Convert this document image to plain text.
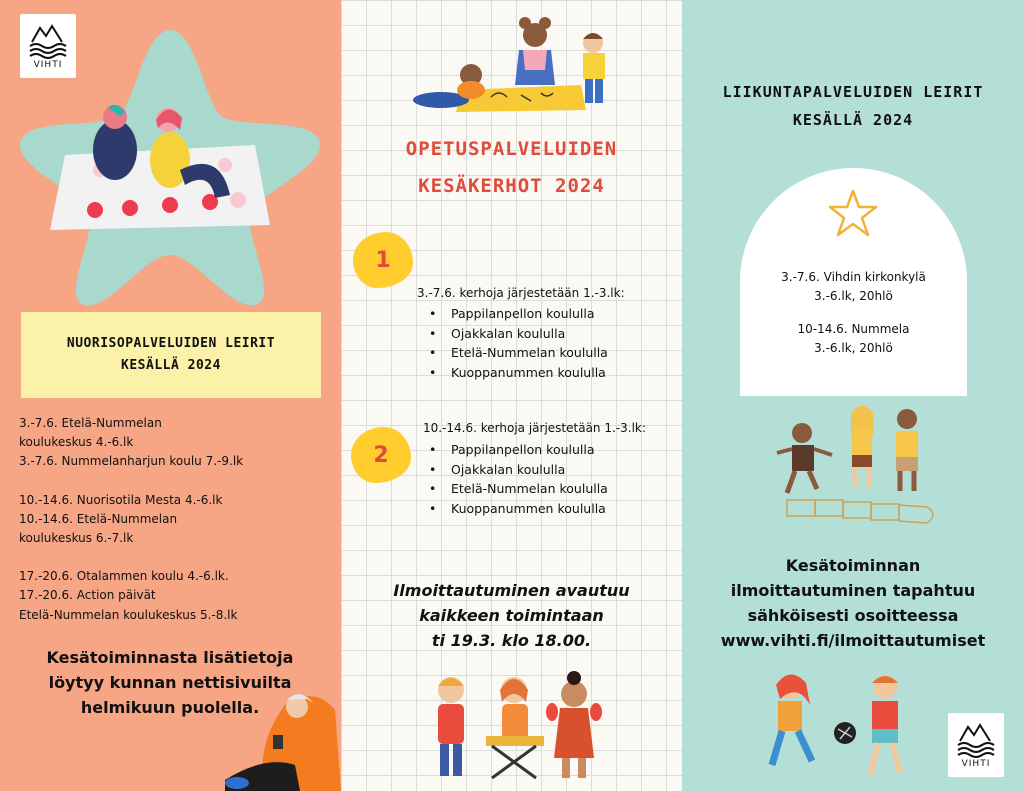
VIHTI
NUORISOPALVELUIDEN LEIRIT
KESÄLLÄ 2024
3.-7.6. Etelä-Nummelan
koulukeskus 4.-6.lk
3.-7.6. Nummelanharjun koulu 7.-9.lk
10.-14.6. Nuorisotila Mesta 4.-6.lk
10.-14.6. Etelä-Nummelan
koulukeskus 6.-7.lk
17.-20.6. Otalammen koulu 4.-6.lk.
17.-20.6. Action päivät
Etelä-Nummelan koulukeskus 5.-8.lk
Kesätoiminnasta lisätietoja
löytyy kunnan nettisivuilta
helmikuun puolella.
OPETUSPALVELUIDEN
KESÄKERHOT 2024
1
3.-7.6. kerhoja järjestetään 1.-3.lk:
• Pappilanpellon koululla
• Ojakkalan koululla
• Etelä-Nummelan koululla
• Kuoppanummen koululla
2
10.-14.6. kerhoja järjestetään 1.-3.lk:
• Pappilanpellon koululla
• Ojakkalan koululla
• Etelä-Nummelan koululla
• Kuoppanummen koululla
Ilmoittautuminen avautuu
kaikkeen toimintaan
ti 19.3. klo 18.00.
LIIKUNTAPALVELUIDEN LEIRIT
KESÄLLÄ 2024
3.-7.6. Vihdin kirkonkylä
3.-6.lk, 20hlö
10-14.6. Nummela
3.-6.lk, 20hlö
Kesätoiminnan
ilmoittautuminen tapahtuu
sähköisesti osoitteessa
www.vihti.fi/ilmoittautumiset
VIHTI
